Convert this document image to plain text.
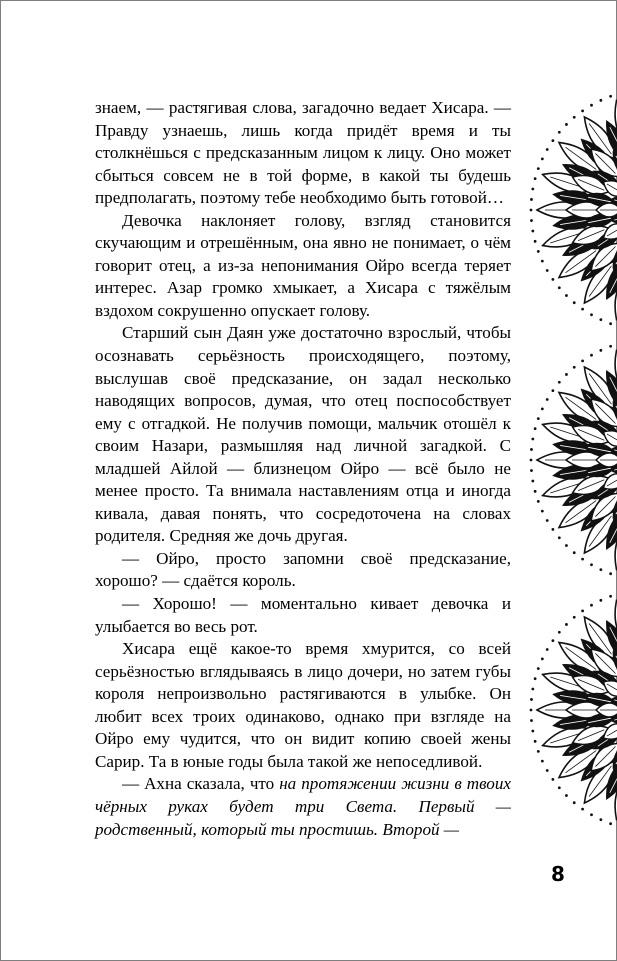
знаем, — растягивая слова, загадочно ведает Хисара. — Правду узнаешь, лишь когда придёт время и ты столкнёшься с предсказанным лицом к лицу. Оно может сбыться совсем не в той форме, в какой ты будешь предполагать, поэтому тебе необходимо быть готовой…

Девочка наклоняет голову, взгляд становится скучающим и отрешённым, она явно не понимает, о чём говорит отец, а из-за непонимания Ойро всегда теряет интерес. Азар громко хмыкает, а Хисара с тяжёлым вздохом сокрушенно опускает голову.

Старший сын Даян уже достаточно взрослый, чтобы осознавать серьёзность происходящего, поэтому, выслушав своё предсказание, он задал несколько наводящих вопросов, думая, что отец поспособствует ему с отгадкой. Не получив помощи, мальчик отошёл к своим Назари, размышляя над личной загадкой. С младшей Айлой — близнецом Ойро — всё было не менее просто. Та внимала наставлениям отца и иногда кивала, давая понять, что сосредоточена на словах родителя. Средняя же дочь другая.

— Ойро, просто запомни своё предсказание, хорошо? — сдаётся король.

— Хорошо! — моментально кивает девочка и улыбается во весь рот.

Хисара ещё какое-то время хмурится, со всей серьёзностью вглядываясь в лицо дочери, но затем губы короля непроизвольно растягиваются в улыбке. Он любит всех троих одинаково, однако при взгляде на Ойро ему чудится, что он видит копию своей жены Сарир. Та в юные годы была такой же непоседливой.

— Ахна сказала, что на протяжении жизни в твоих чёрных руках будет три Света. Первый — родственный, который ты простишь. Второй —

8
